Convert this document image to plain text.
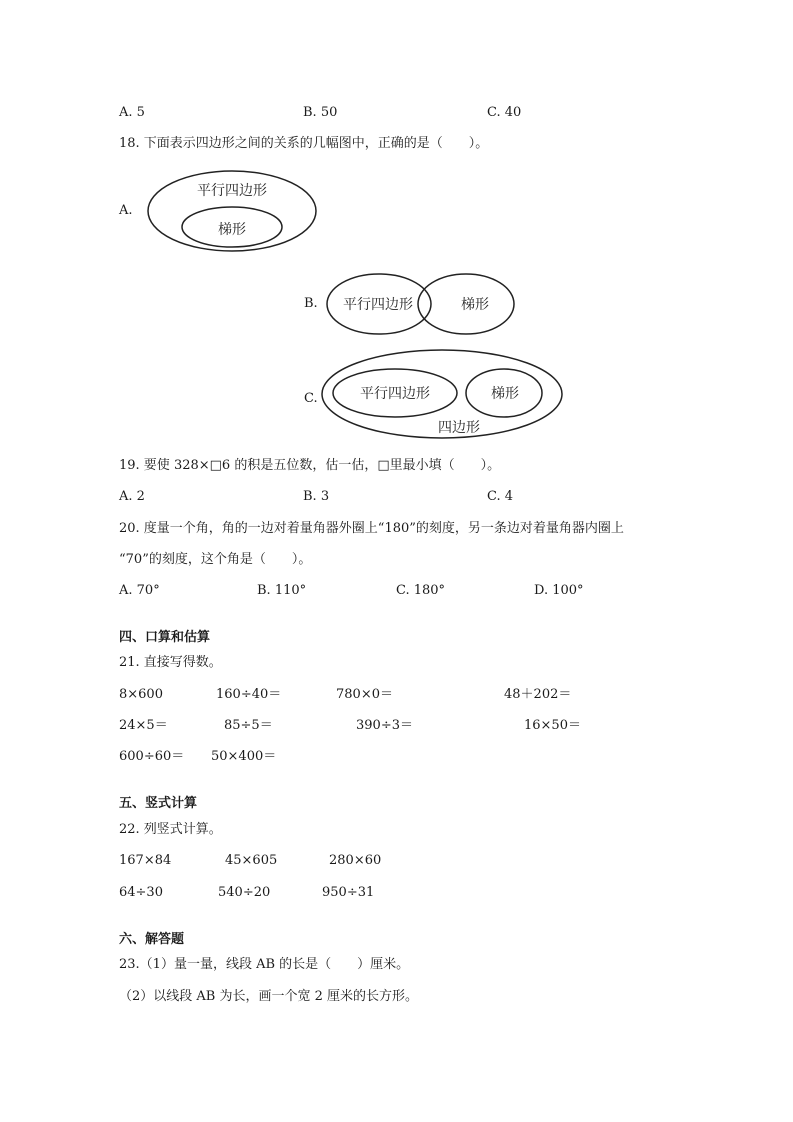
A. 5	B. 50	C. 40
18. 下面表示四边形之间的关系的几幅图中，正确的是（　　）。
A.
平行四边形
梯形
B. 平行四边形	梯形
C.	平行四边形	梯形
四边形
19. 要使 328×□6 的积是五位数，估一估，□里最小填（　　）。
A. 2	B. 3	C. 4
20. 度量一个角，角的一边对着量角器外圈上“180”的刻度，另一条边对着量角器内圈上
“70”的刻度，这个角是（　　）。
A. 70°	B. 110°	C. 180°	D. 100°
四、口算和估算
21. 直接写得数。
8×600	160÷40＝	780×0＝	48＋202＝
24×5＝	85÷5＝	390÷3＝	16×50＝
600÷60＝ 50×400＝
五、竖式计算
22. 列竖式计算。
167×84	45×605	280×60
64÷30	540÷20	950÷31
六、解答题
23.（1）量一量，线段 AB 的长是（　　）厘米。
（2）以线段 AB 为长，画一个宽 2 厘米的长方形。
